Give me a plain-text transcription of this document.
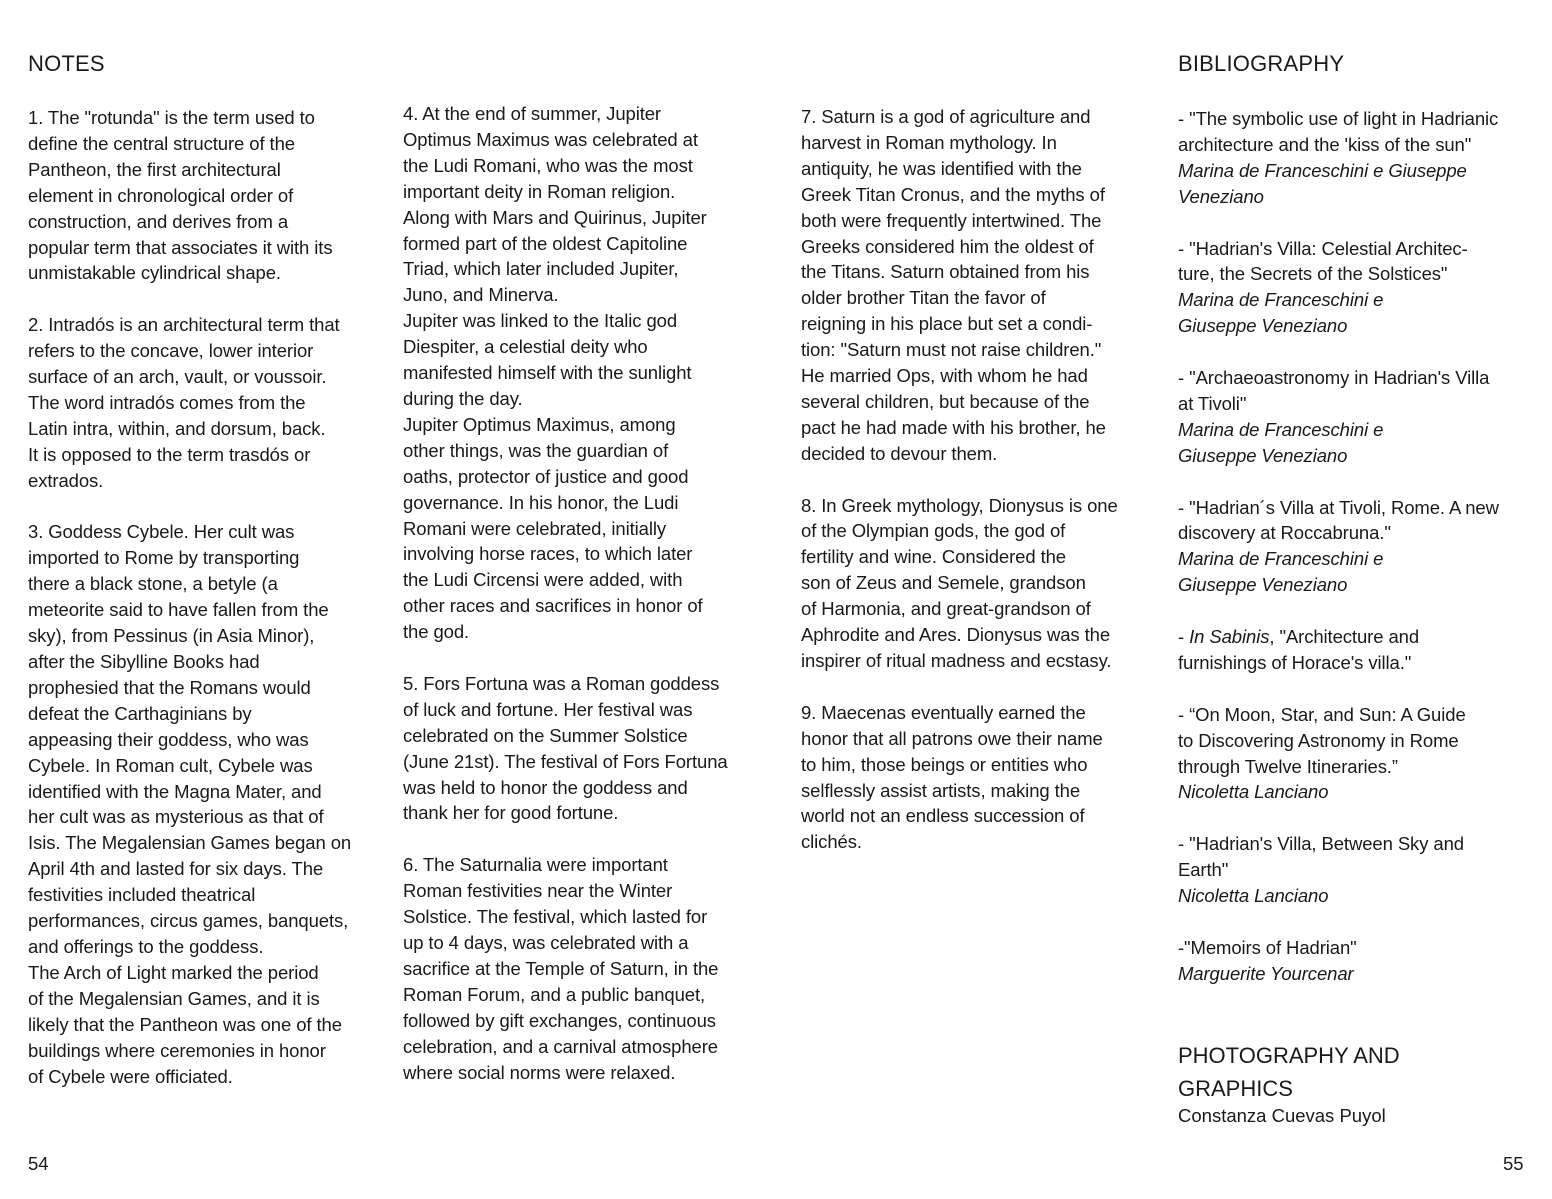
NOTES	BIBLIOGRAPHY
1. The "rotunda" is the term used to
define the central structure of the
Pantheon, the first architectural
element in chronological order of
construction, and derives from a
popular term that associates it with its
unmistakable cylindrical shape.
2. Intradós is an architectural term that
refers to the concave, lower interior
surface of an arch, vault, or voussoir.
The word intradós comes from the
Latin intra, within, and dorsum, back.
It is opposed to the term trasdós or
extrados.
3. Goddess Cybele. Her cult was
imported to Rome by transporting
there a black stone, a betyle (a
meteorite said to have fallen from the
sky), from Pessinus (in Asia Minor),
after the Sibylline Books had
prophesied that the Romans would
defeat the Carthaginians by
appeasing their goddess, who was
Cybele. In Roman cult, Cybele was
identified with the Magna Mater, and
her cult was as mysterious as that of
Isis. The Megalensian Games began on
April 4th and lasted for six days. The
festivities included theatrical
performances, circus games, banquets,
and offerings to the goddess.
The Arch of Light marked the period
of the Megalensian Games, and it is
likely that the Pantheon was one of the
buildings where ceremonies in honor
of Cybele were officiated.
4. At the end of summer, Jupiter
Optimus Maximus was celebrated at
the Ludi Romani, who was the most
important deity in Roman religion.
Along with Mars and Quirinus, Jupiter
formed part of the oldest Capitoline
Triad, which later included Jupiter,
Juno, and Minerva.
Jupiter was linked to the Italic god
Diespiter, a celestial deity who
manifested himself with the sunlight
during the day.
Jupiter Optimus Maximus, among
other things, was the guardian of
oaths, protector of justice and good
governance. In his honor, the Ludi
Romani were celebrated, initially
involving horse races, to which later
the Ludi Circensi were added, with
other races and sacrifices in honor of
the god.
5. Fors Fortuna was a Roman goddess
of luck and fortune. Her festival was
celebrated on the Summer Solstice
(June 21st). The festival of Fors Fortuna
was held to honor the goddess and
thank her for good fortune.
6. The Saturnalia were important
Roman festivities near the Winter
Solstice. The festival, which lasted for
up to 4 days, was celebrated with a
sacrifice at the Temple of Saturn, in the
Roman Forum, and a public banquet,
followed by gift exchanges, continuous
celebration, and a carnival atmosphere
where social norms were relaxed.
7. Saturn is a god of agriculture and
harvest in Roman mythology. In
antiquity, he was identified with the
Greek Titan Cronus, and the myths of
both were frequently intertwined. The
Greeks considered him the oldest of
the Titans. Saturn obtained from his
older brother Titan the favor of
reigning in his place but set a condi-
tion: "Saturn must not raise children."
He married Ops, with whom he had
several children, but because of the
pact he had made with his brother, he
decided to devour them.
8. In Greek mythology, Dionysus is one
of the Olympian gods, the god of
fertility and wine. Considered the
son of Zeus and Semele, grandson
of Harmonia, and great-grandson of
Aphrodite and Ares. Dionysus was the
inspirer of ritual madness and ecstasy.
9. Maecenas eventually earned the
honor that all patrons owe their name
to him, those beings or entities who
selflessly assist artists, making the
world not an endless succession of
clichés.
- "The symbolic use of light in Hadrianic
architecture and the 'kiss of the sun"
Marina de Franceschini e Giuseppe
Veneziano
- "Hadrian's Villa: Celestial Architec-
ture, the Secrets of the Solstices"
Marina de Franceschini e
Giuseppe Veneziano
- "Archaeoastronomy in Hadrian's Villa
at Tivoli"
Marina de Franceschini e
Giuseppe Veneziano
- "Hadrian´s Villa at Tivoli, Rome. A new
discovery at Roccabruna."
Marina de Franceschini e
Giuseppe Veneziano
- In Sabinis, "Architecture and
furnishings of Horace's villa."
- “On Moon, Star, and Sun: A Guide
to Discovering Astronomy in Rome
through Twelve Itineraries.”
Nicoletta Lanciano
- "Hadrian's Villa, Between Sky and
Earth"
Nicoletta Lanciano
-"Memoirs of Hadrian"
Marguerite Yourcenar
PHOTOGRAPHY AND
GRAPHICS
Constanza Cuevas Puyol
54	55
